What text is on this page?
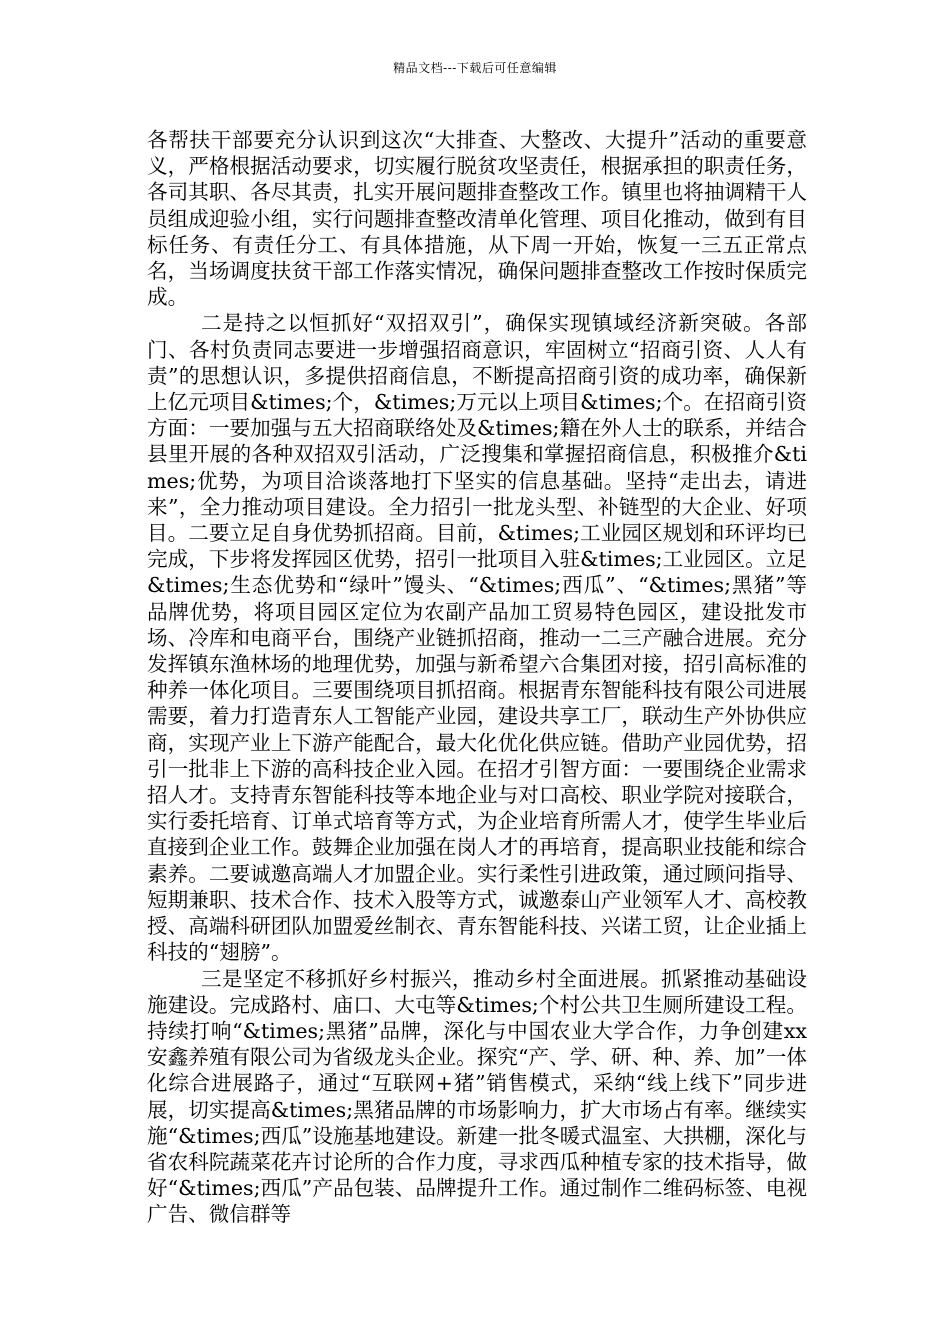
精品文档---下载后可任意编辑

各帮扶干部要充分认识到这次“大排查、大整改、大提升”活动的重要意义，严格根据活动要求，切实履行脱贫攻坚责任，根据承担的职责任务，各司其职、各尽其责，扎实开展问题排查整改工作。镇里也将抽调精干人员组成迎验小组，实行问题排查整改清单化管理、项目化推动，做到有目标任务、有责任分工、有具体措施，从下周一开始，恢复一三五正常点名，当场调度扶贫干部工作落实情况，确保问题排查整改工作按时保质完成。

二是持之以恒抓好“双招双引”，确保实现镇域经济新突破。各部门、各村负责同志要进一步增强招商意识，牢固树立“招商引资、人人有责”的思想认识，多提供招商信息，不断提高招商引资的成功率，确保新上亿元项目&times;个，&times;万元以上项目&times;个。在招商引资方面：一要加强与五大招商联络处及&times;籍在外人士的联系，并结合县里开展的各种双招双引活动，广泛搜集和掌握招商信息，积极推介&times;优势，为项目洽谈落地打下坚实的信息基础。坚持“走出去，请进来”，全力推动项目建设。全力招引一批龙头型、补链型的大企业、好项目。二要立足自身优势抓招商。目前，&times;工业园区规划和环评均已完成，下步将发挥园区优势，招引一批项目入驻&times;工业园区。立足&times;生态优势和“绿叶”馒头、“&times;西瓜”、“&times;黑猪”等品牌优势，将项目园区定位为农副产品加工贸易特色园区，建设批发市场、冷库和电商平台，围绕产业链抓招商，推动一二三产融合进展。充分发挥镇东渔林场的地理优势，加强与新希望六合集团对接，招引高标准的种养一体化项目。三要围绕项目抓招商。根据青东智能科技有限公司进展需要，着力打造青东人工智能产业园，建设共享工厂，联动生产外协供应商，实现产业上下游产能配合，最大化优化供应链。借助产业园优势，招引一批非上下游的高科技企业入园。在招才引智方面：一要围绕企业需求招人才。支持青东智能科技等本地企业与对口高校、职业学院对接联合，实行委托培育、订单式培育等方式，为企业培育所需人才，使学生毕业后直接到企业工作。鼓舞企业加强在岗人才的再培育，提高职业技能和综合素养。二要诚邀高端人才加盟企业。实行柔性引进政策，通过顾问指导、短期兼职、技术合作、技术入股等方式，诚邀泰山产业领军人才、高校教授、高端科研团队加盟爱丝制衣、青东智能科技、兴诺工贸，让企业插上科技的“翅膀”。

三是坚定不移抓好乡村振兴，推动乡村全面进展。抓紧推动基础设施建设。完成路村、庙口、大屯等&times;个村公共卫生厕所建设工程。持续打响“&times;黑猪”品牌，深化与中国农业大学合作，力争创建xx安鑫养殖有限公司为省级龙头企业。探究“产、学、研、种、养、加”一体化综合进展路子，通过“互联网+猪”销售模式，采纳“线上线下”同步进展，切实提高&times;黑猪品牌的市场影响力，扩大市场占有率。继续实施“&times;西瓜”设施基地建设。新建一批冬暖式温室、大拱棚，深化与省农科院蔬菜花卉讨论所的合作力度，寻求西瓜种植专家的技术指导，做好“&times;西瓜”产品包装、品牌提升工作。通过制作二维码标签、电视广告、微信群等
